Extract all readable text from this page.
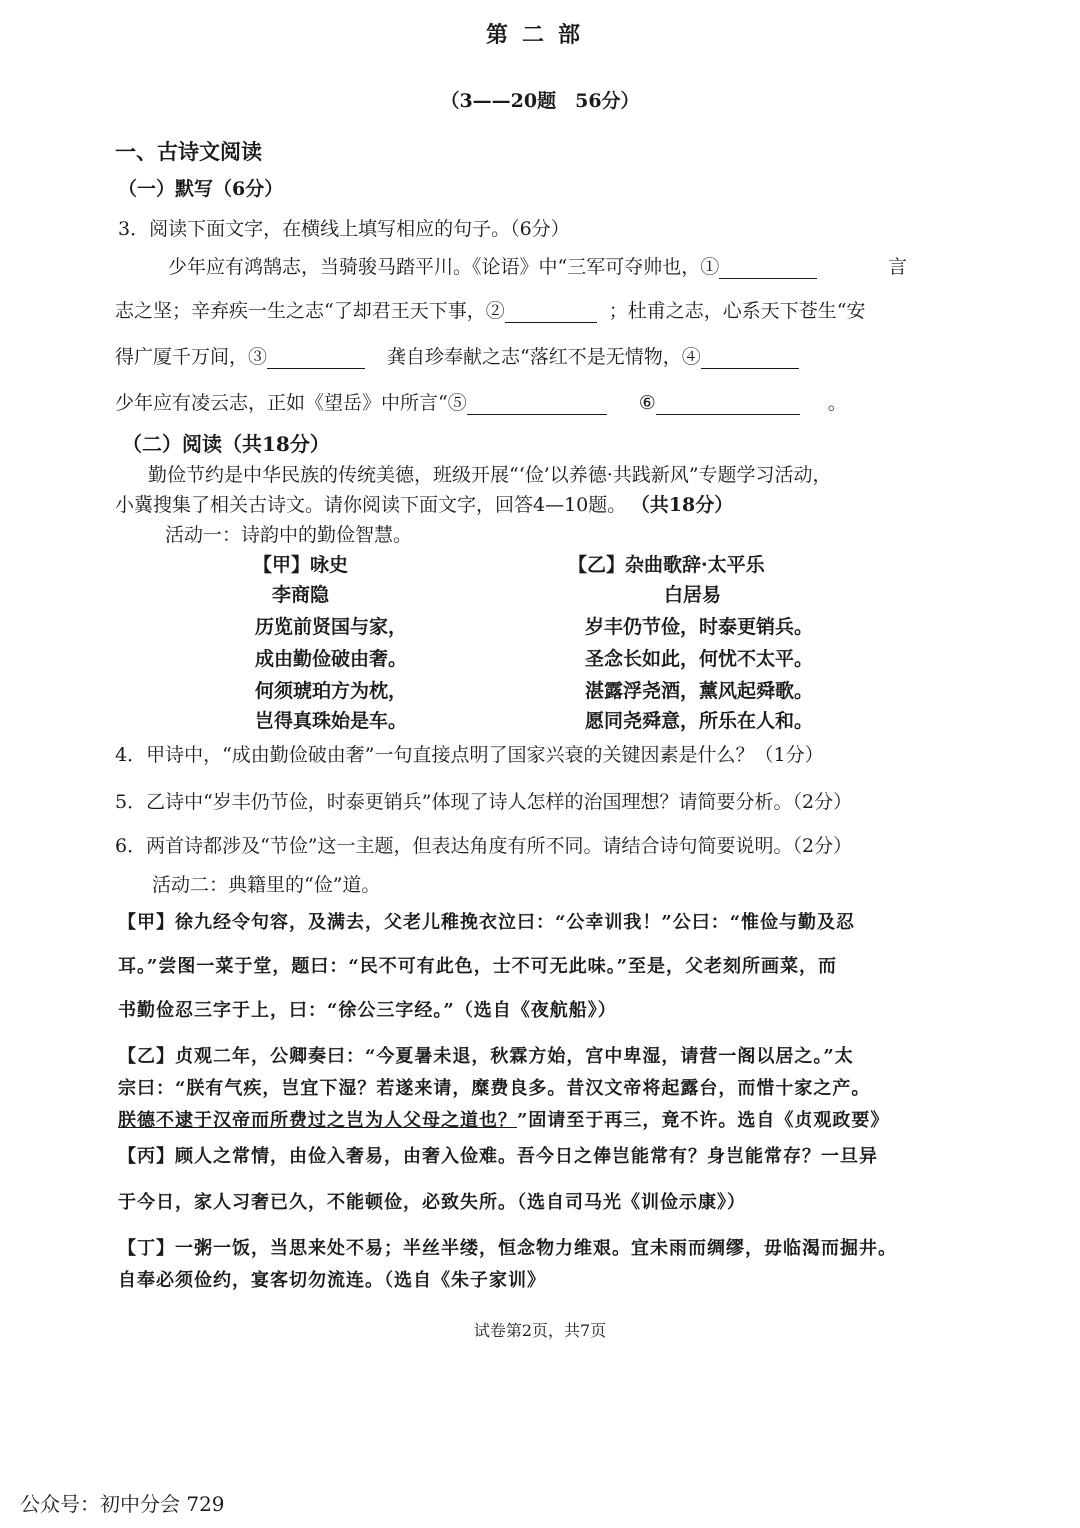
第二部
（3——20题　56分）
一、古诗文阅读
（一）默写（6分）
3．阅读下面文字，在横线上填写相应的句子。（6分）
少年应有鸿鹄志，当骑骏马踏平川。《论语》中“三军可夺帅也，①	言
志之坚；辛弃疾一生之志“了却君王天下事，②	；杜甫之志，心系天下苍生“安
得广厦千万间，③	龚自珍奉献之志“落红不是无情物，④
少年应有凌云志，正如《望岳》中所言“⑤	⑥	。
（二）阅读（共18分）
勤俭节约是中华民族的传统美德，班级开展“‘俭’以养德·共践新风”专题学习活动，
小冀搜集了相关古诗文。请你阅读下面文字，回答4—10题。 （共18分）
活动一：诗韵中的勤俭智慧。
【甲】咏史
李商隐
历览前贤国与家，
成由勤俭破由奢。
何须琥珀方为枕，
岂得真珠始是车。
【乙】杂曲歌辞·太平乐
白居易
岁丰仍节俭，时泰更销兵。
圣念长如此，何忧不太平。
湛露浮尧酒，薰风起舜歌。
愿同尧舜意，所乐在人和。
4．甲诗中，“成由勤俭破由奢”一句直接点明了国家兴衰的关键因素是什么？（1分）
5．乙诗中“岁丰仍节俭，时泰更销兵”体现了诗人怎样的治国理想？请简要分析。（2分）
6．两首诗都涉及“节俭”这一主题，但表达角度有所不同。请结合诗句简要说明。（2分）
活动二：典籍里的“俭”道。
【甲】徐九经令句容，及满去，父老儿稚挽衣泣曰：“公幸训我！”公曰：“惟俭与勤及忍
耳。”尝图一菜于堂，题曰：“民不可有此色，士不可无此味。”至是，父老刻所画菜，而
书勤俭忍三字于上，曰：“徐公三字经。”（选自《夜航船》）
【乙】贞观二年，公卿奏曰：“今夏暑未退，秋霖方始，宫中卑湿，请营一阁以居之。”太
宗曰：“朕有气疾，岂宜下湿？若遂来请，糜费良多。昔汉文帝将起露台，而惜十家之产。
朕德不逮于汉帝而所费过之岂为人父母之道也？”固请至于再三，竟不许。选自《贞观政要》
【丙】顾人之常情，由俭入奢易，由奢入俭难。吾今日之俸岂能常有？身岂能常存？一旦异
于今日，家人习奢已久，不能顿俭，必致失所。（选自司马光《训俭示康》）
【丁】一粥一饭，当思来处不易；半丝半缕，恒念物力维艰。宜未雨而绸缪，毋临渴而掘井。
自奉必须俭约，宴客切勿流连。（选自《朱子家训》
试卷第2页，共7页
公众号：初中分会 729
